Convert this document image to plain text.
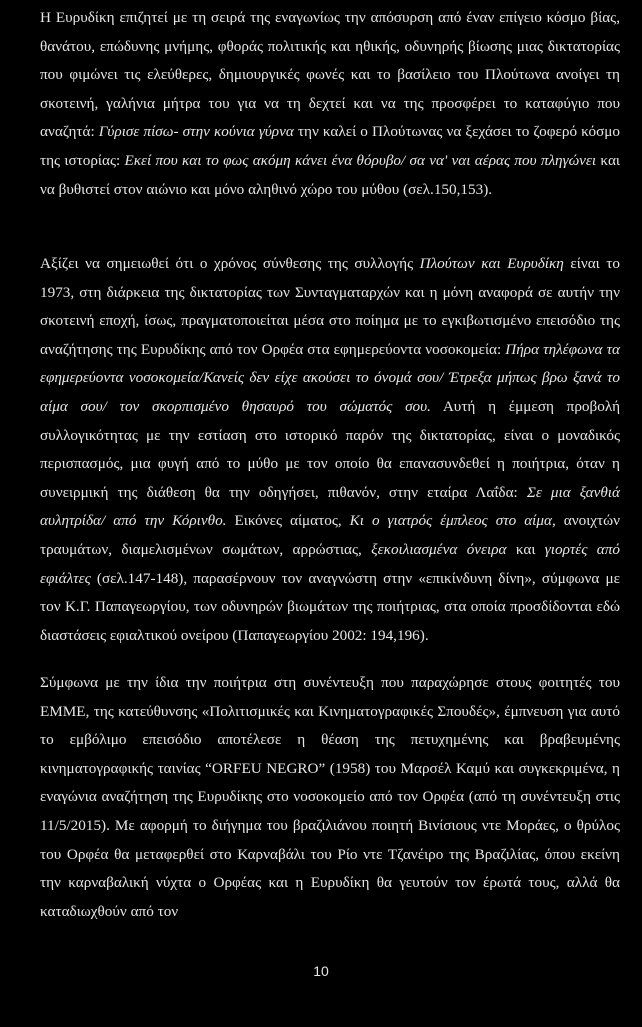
Η Ευρυδίκη επιζητεί με τη σειρά της εναγωνίως την απόσυρση από έναν επίγειο κόσμο βίας, θανάτου, επώδυνης μνήμης, φθοράς πολιτικής και ηθικής, οδυνηρής βίωσης μιας δικτατορίας που φιμώνει τις ελεύθερες, δημιουργικές φωνές και το βασίλειο του Πλούτωνα ανοίγει τη σκοτεινή, γαλήνια μήτρα του για να τη δεχτεί και να της προσφέρει το καταφύγιο που αναζητά: Γύρισε πίσω- στην κούνια γύρνα την καλεί ο Πλούτωνας να ξεχάσει το ζοφερό κόσμο της ιστορίας: Εκεί που και το φως ακόμη κάνει ένα θόρυβο/ σα να' ναι αέρας που πληγώνει και να βυθιστεί στον αιώνιο και μόνο αληθινό χώρο του μύθου (σελ.150,153).

Αξίζει να σημειωθεί ότι ο χρόνος σύνθεσης της συλλογής Πλούτων και Ευρυδίκη είναι το 1973, στη διάρκεια της δικτατορίας των Συνταγματαρχών και η μόνη αναφορά σε αυτήν την σκοτεινή εποχή, ίσως, πραγματοποιείται μέσα στο ποίημα με το εγκιβωτισμένο επεισόδιο της αναζήτησης της Ευρυδίκης από τον Ορφέα στα εφημερεύοντα νοσοκομεία: Πήρα τηλέφωνα τα εφημερεύοντα νοσοκομεία/Κανείς δεν είχε ακούσει το όνομά σου/ Έτρεξα μήπως βρω ξανά το αίμα σου/ τον σκορπισμένο θησαυρό του σώματός σου. Αυτή η έμμεση προβολή συλλογικότητας με την εστίαση στο ιστορικό παρόν της δικτατορίας, είναι ο μοναδικός περισπασμός, μια φυγή από το μύθο με τον οποίο θα επανασυνδεθεί η ποιήτρια, όταν η συνειρμική της διάθεση θα την οδηγήσει, πιθανόν, στην εταίρα Λαΐδα: Σε μια ξανθιά αυλητρίδα/ από την Κόρινθο. Εικόνες αίματος, Κι ο γιατρός έμπλεος στο αίμα, ανοιχτών τραυμάτων, διαμελισμένων σωμάτων, αρρώστιας, ξεκοιλιασμένα όνειρα και γιορτές από εφιάλτες (σελ.147-148), παρασέρνουν τον αναγνώστη στην «επικίνδυνη δίνη», σύμφωνα με τον Κ.Γ. Παπαγεωργίου, των οδυνηρών βιωμάτων της ποιήτριας, στα οποία προσδίδονται εδώ διαστάσεις εφιαλτικού ονείρου (Παπαγεωργίου 2002: 194,196).

Σύμφωνα με την ίδια την ποιήτρια στη συνέντευξη που παραχώρησε στους φοιτητές του ΕΜΜΕ, της κατεύθυνσης «Πολιτισμικές και Κινηματογραφικές Σπουδές», έμπνευση για αυτό το εμβόλιμο επεισόδιο αποτέλεσε η θέαση της πετυχημένης και βραβευμένης κινηματογραφικής ταινίας “ORFEU NEGRO” (1958) του Μαρσέλ Καμύ και συγκεκριμένα, η εναγώνια αναζήτηση της Ευρυδίκης στο νοσοκομείο από τον Ορφέα (από τη συνέντευξη στις 11/5/2015). Με αφορμή το διήγημα του βραζιλιάνου ποιητή Βινίσιους ντε Μοράες, ο θρύλος του Ορφέα θα μεταφερθεί στο Καρναβάλι του Ρίο ντε Τζανέιρο της Βραζιλίας, όπου εκείνη την καρναβαλική νύχτα ο Ορφέας και η Ευρυδίκη θα γευτούν τον έρωτά τους, αλλά θα καταδιωχθούν από τον

10
